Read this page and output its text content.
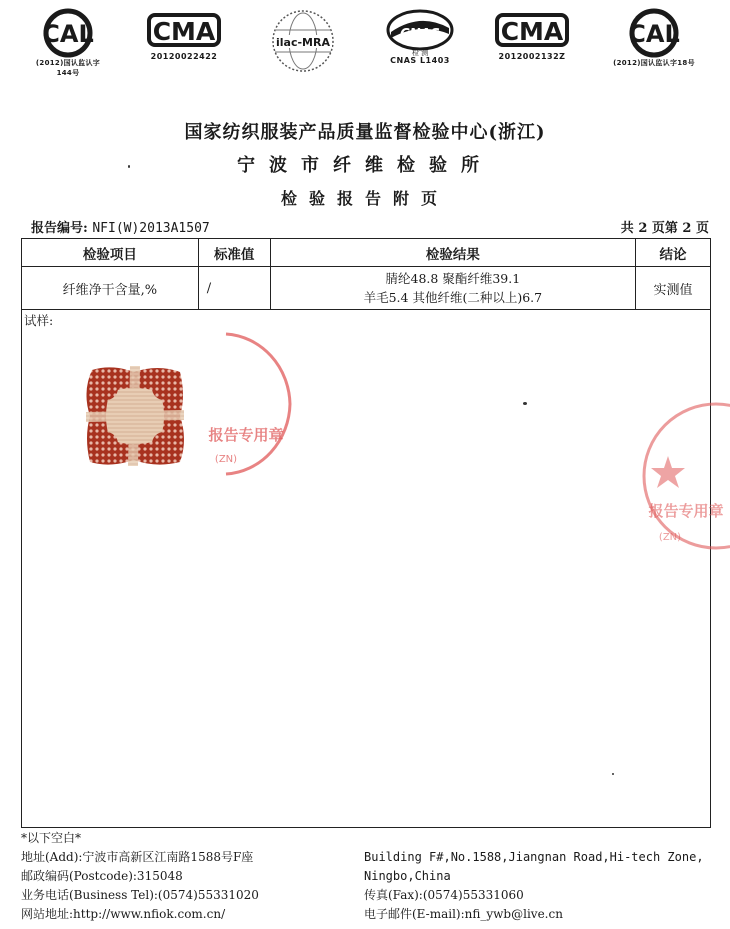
CAL
(2012)国认监认字144号
CMA
20120022422
ilac-MRA
CNAS
检 测
CNAS L1403
CMA
2012002132Z
CAL
(2012)国认监认字18号
国家纺织服装产品质量监督检验中心(浙江)
宁波市纤维检验所
检验报告附页
报告编号: NFI(W)2013A1507	共 2 页第 2 页
检验项目	标准值	检验结果	结论
纤维净干含量,%	/	腈纶48.8 聚酯纤维39.1
羊毛5.4 其他纤维(二种以上)6.7	实测值
试样:
报告专用章
(ZN)
报告专用章
(ZN)
*以下空白*
地址(Add):宁波市高新区江南路1588号F座
邮政编码(Postcode):315048
业务电话(Business Tel):(0574)55331020
网站地址:http://www.nfiok.com.cn/
Building F#,No.1588,Jiangnan Road,Hi-tech Zone,
Ningbo,China
传真(Fax):(0574)55331060
电子邮件(E-mail):nfi_ywb@live.cn
